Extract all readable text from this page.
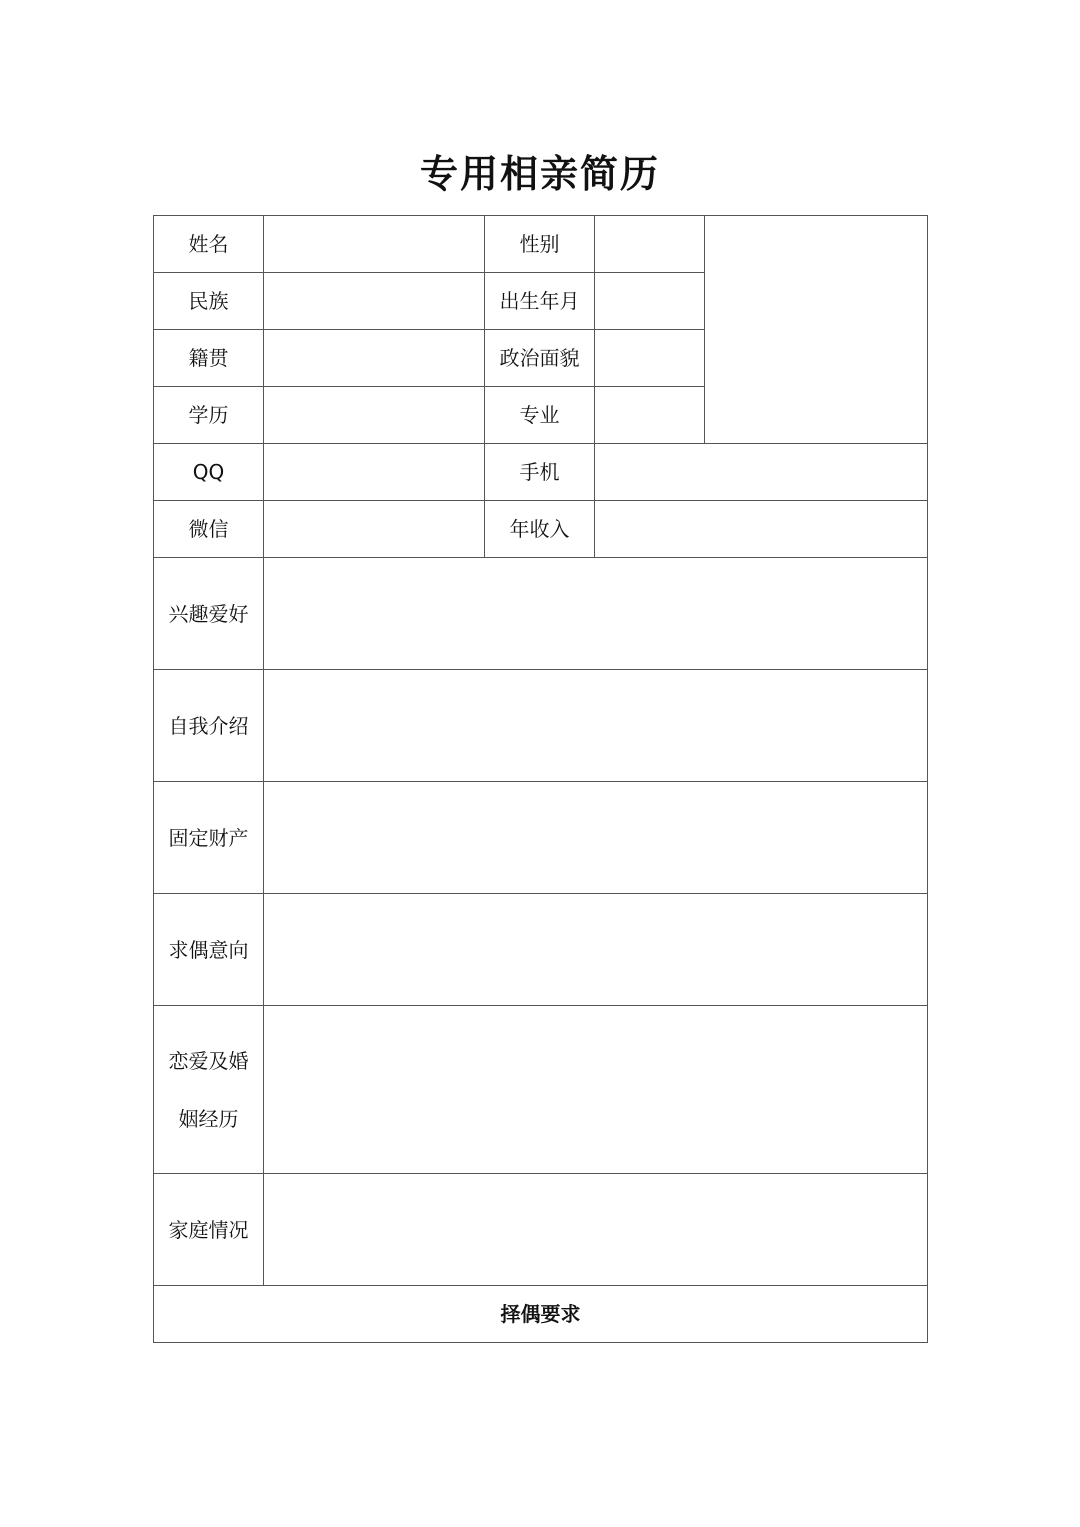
专用相亲简历
姓名		性别		
民族		出生年月		
籍贯		政治面貌		
学历		专业		
QQ		手机		
微信		年收入		
兴趣爱好				
自我介绍				
固定财产				
求偶意向				

恋爱及婚
姻经历				

家庭情况				
择偶要求				
